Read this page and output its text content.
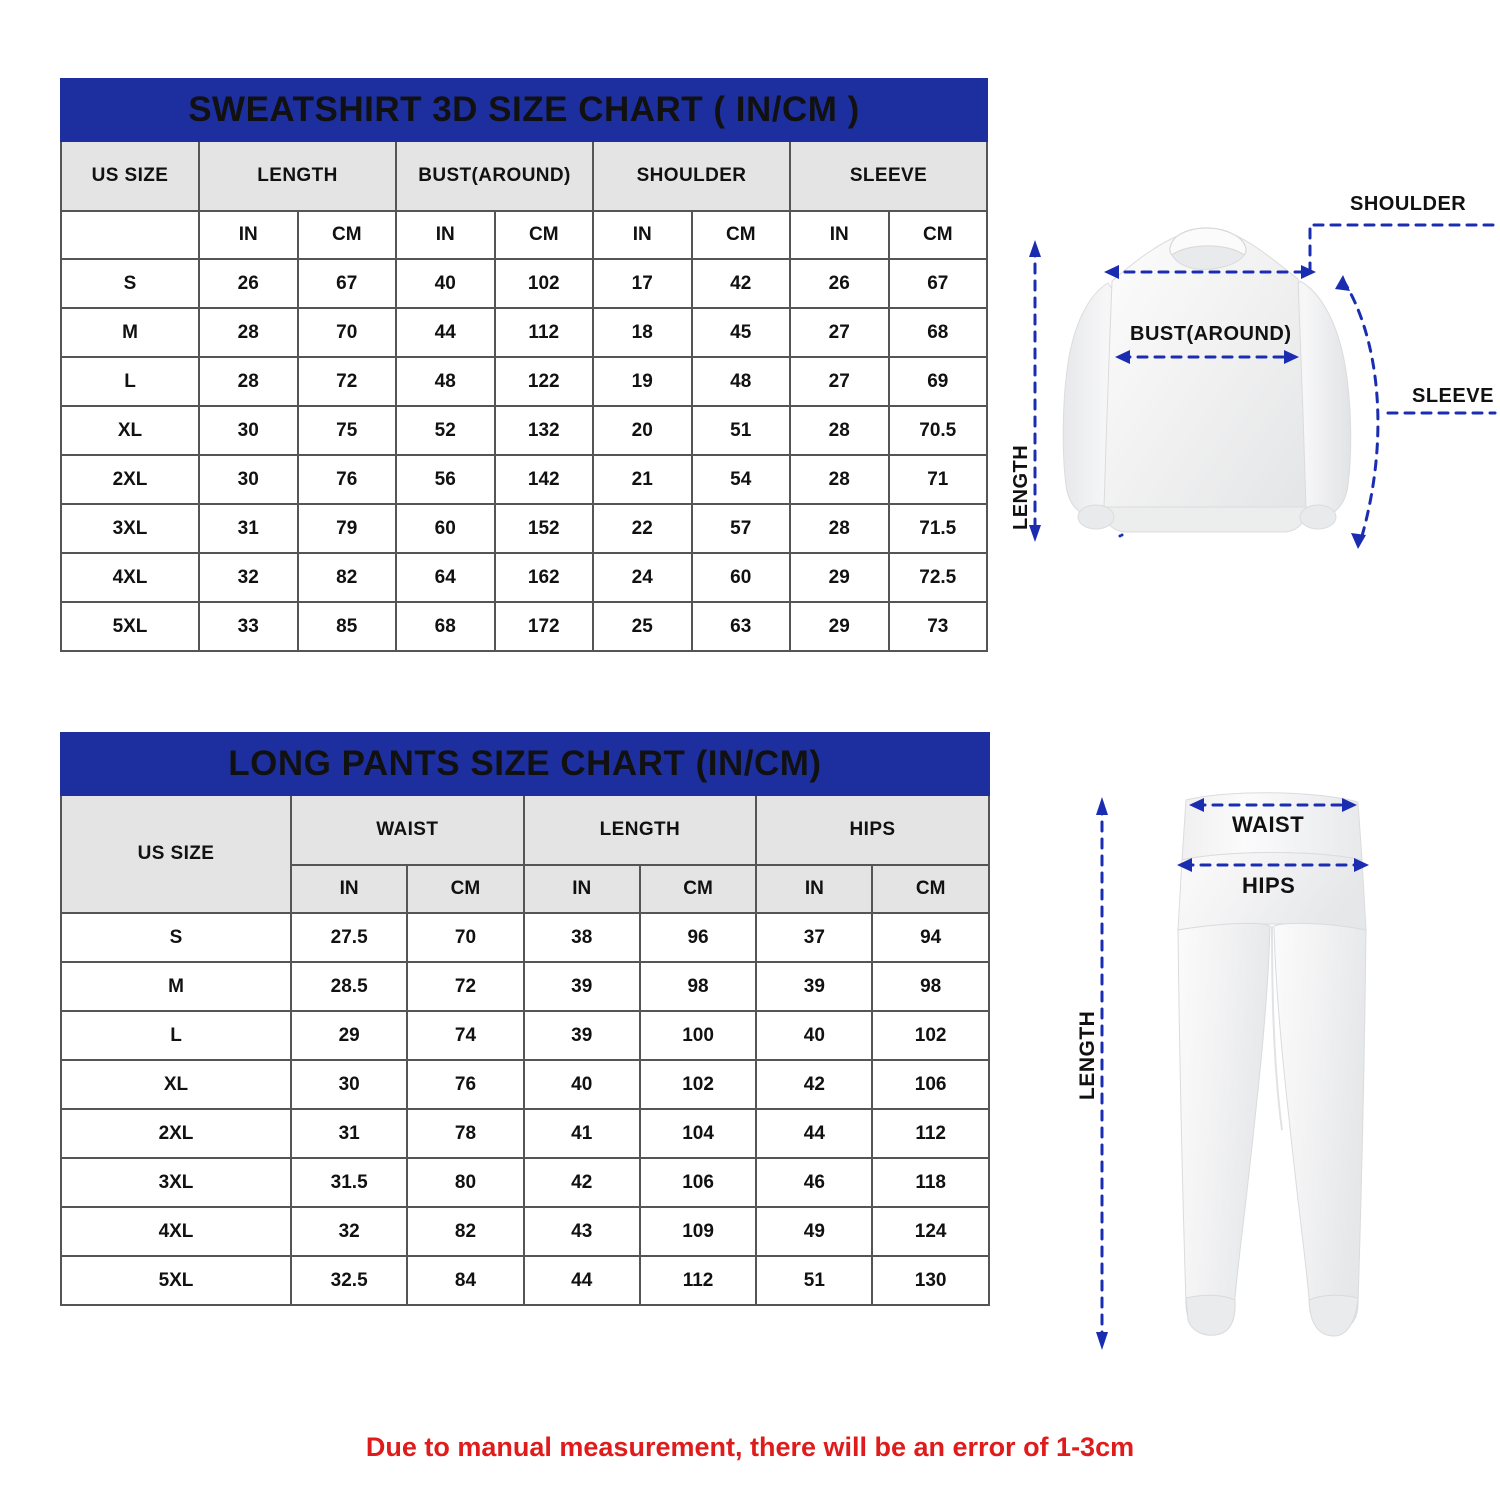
SWEATSHIRT 3D SIZE CHART ( IN/CM )								
US SIZE	LENGTH		BUST(AROUND)		SHOULDER		SLEEVE	
	IN	CM	IN	CM	IN	CM	IN	CM
S	26	67	40	102	17	42	26	67
M	28	70	44	112	18	45	27	68
L	28	72	48	122	19	48	27	69
XL	30	75	52	132	20	51	28	70.5
2XL	30	76	56	142	21	54	28	71
3XL	31	79	60	152	22	57	28	71.5
4XL	32	82	64	162	24	60	29	72.5
5XL	33	85	68	172	25	63	29	73
LENGTH
BUST(AROUND)
SHOULDER
SLEEVE
LONG PANTS SIZE CHART (IN/CM)						
US SIZE	WAIST		LENGTH		HIPS	
	IN	CM	IN	CM	IN	CM
S	27.5	70	38	96	37	94
M	28.5	72	39	98	39	98
L	29	74	39	100	40	102
XL	30	76	40	102	42	106
2XL	31	78	41	104	44	112
3XL	31.5	80	42	106	46	118
4XL	32	82	43	109	49	124
5XL	32.5	84	44	112	51	130
LENGTH
WAIST
HIPS
Due to manual measurement, there will be an error of 1-3cm
